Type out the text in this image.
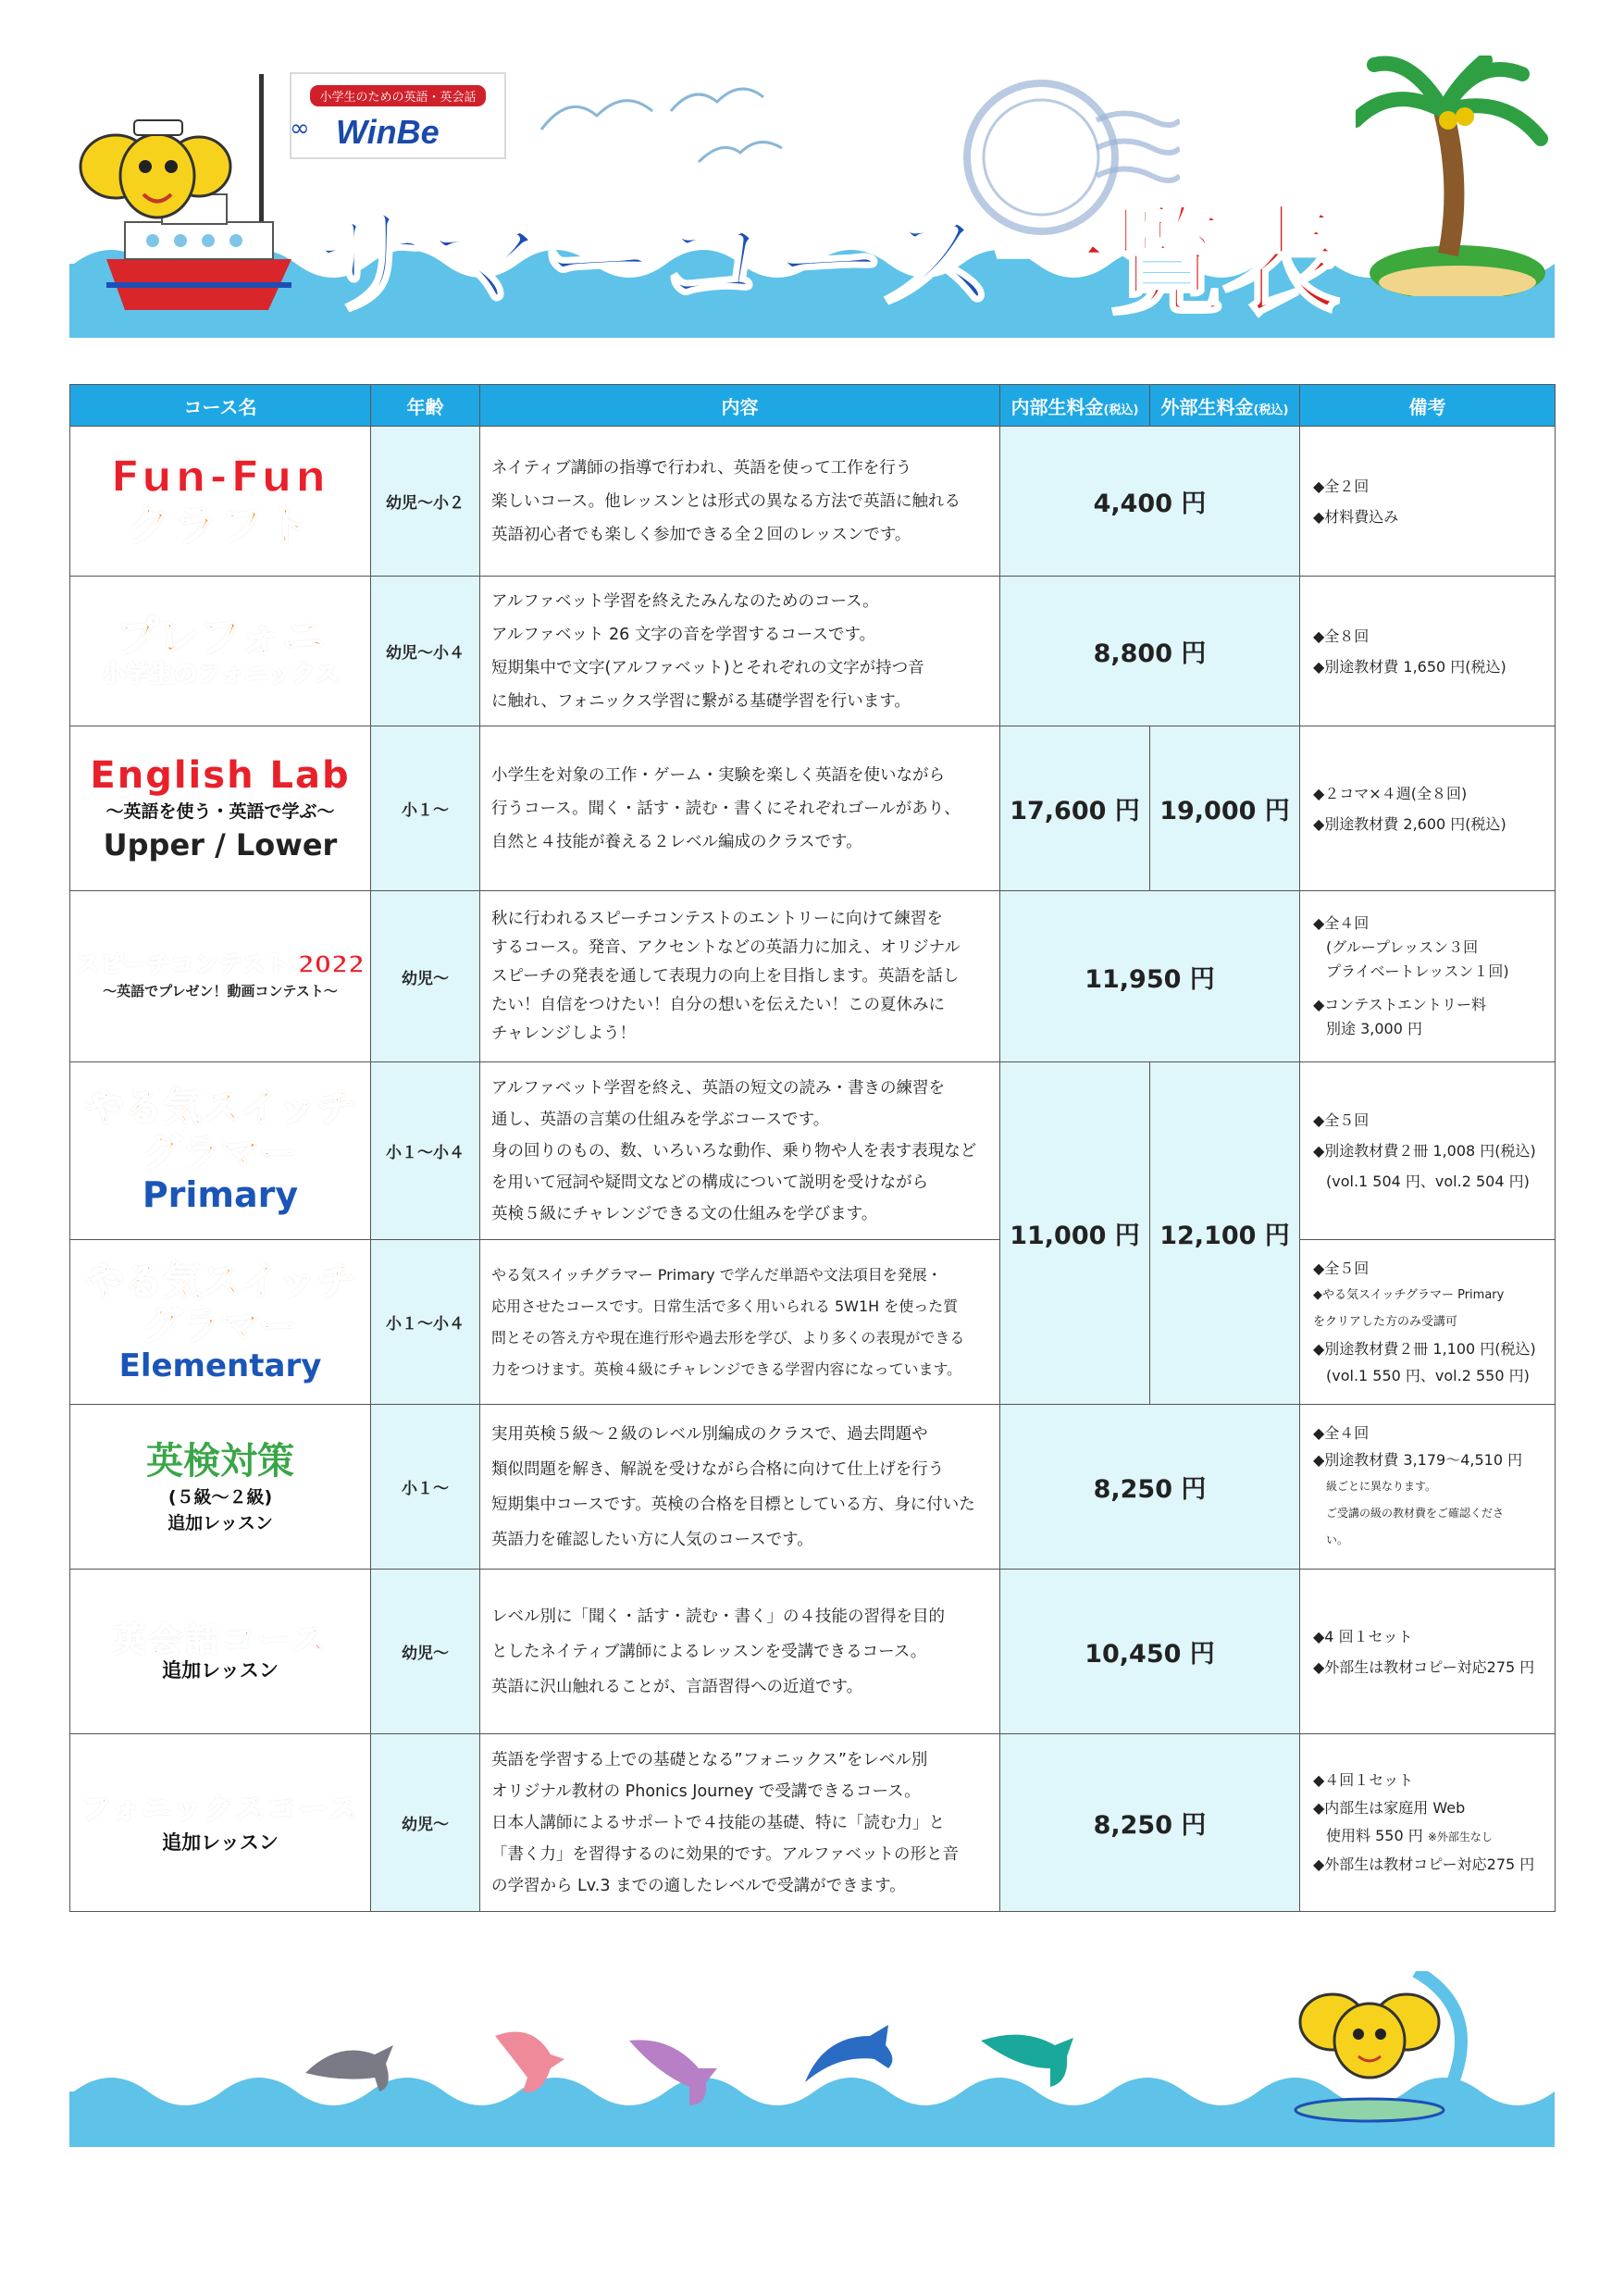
小学生のための英語・英会話
∞ WinBe
サマーコース一覧表
コース名	年齢	内容	内部生料金(税込)	外部生料金(税込)	備考

Fun-Fun
クラフト	幼児～小２	ネイティブ講師の指導で行われ、英語を使って工作を行う
楽しいコース。他レッスンとは形式の異なる方法で英語に触れる
英語初心者でも楽しく参加できる全２回のレッスンです。	4,400 円		◆全２回
◆材料費込み

プレフォニ
小学生のフォニックス	幼児～小４	アルファベット学習を終えたみんなのためのコース。
アルファベット 26 文字の音を学習するコースです。
短期集中で文字(アルファベット)とそれぞれの文字が持つ音
に触れ、フォニックス学習に繋がる基礎学習を行います。	8,800 円		◆全８回
◆別途教材費 1,650 円(税込)

English Lab
～英語を使う・英語で学ぶ～
Upper / Lower	小１～	小学生を対象の工作・ゲーム・実験を楽しく英語を使いながら
行うコース。聞く・話す・読む・書くにそれぞれゴールがあり、
自然と４技能が養える２レベル編成のクラスです。	17,600 円	19,000 円	◆２コマ×４週(全８回)
◆別途教材費 2,600 円(税込)

スピーチコンテスト 2022
～英語でプレゼン！動画コンテスト～	幼児～	秋に行われるスピーチコンテストのエントリーに向けて練習を
するコース。発音、アクセントなどの英語力に加え、オリジナル
スピーチの発表を通して表現力の向上を目指します。英語を話し
たい！自信をつけたい！自分の想いを伝えたい！この夏休みに
チャレンジしよう！	11,950 円		◆全４回
(グループレッスン３回
プライベートレッスン１回)
◆コンテストエントリー料
別途 3,000 円

やる気スイッチ
グラマー
Primary	小１～小４	アルファベット学習を終え、英語の短文の読み・書きの練習を
通し、英語の言葉の仕組みを学ぶコースです。
身の回りのもの、数、いろいろな動作、乗り物や人を表す表現など
を用いて冠詞や疑問文などの構成について説明を受けながら
英検５級にチャレンジできる文の仕組みを学びます。	11,000 円	12,100 円	◆全５回
◆別途教材費２冊 1,008 円(税込)
(vol.1 504 円、vol.2 504 円)

やる気スイッチ
グラマー
Elementary	小１～小４	やる気スイッチグラマー Primary で学んだ単語や文法項目を発展・
応用させたコースです。日常生活で多く用いられる 5W1H を使った質
問とその答え方や現在進行形や過去形を学び、より多くの表現ができる
力をつけます。英検４級にチャレンジできる学習内容になっています。			◆全５回
◆やる気スイッチグラマー Primary
をクリアした方のみ受講可
◆別途教材費２冊 1,100 円(税込)
(vol.1 550 円、vol.2 550 円)

英検対策
(５級～２級)
追加レッスン	小１～	実用英検５級～２級のレベル別編成のクラスで、過去問題や
類似問題を解き、解説を受けながら合格に向けて仕上げを行う
短期集中コースです。英検の合格を目標としている方、身に付いた
英語力を確認したい方に人気のコースです。	8,250 円		◆全４回
◆別途教材費 3,179～4,510 円
級ごとに異なります。
ご受講の級の教材費をご確認くださ
い。

英会話コース
追加レッスン	幼児～	レベル別に「聞く・話す・読む・書く」の４技能の習得を目的
としたネイティブ講師によるレッスンを受講できるコース。
英語に沢山触れることが、言語習得への近道です。	10,450 円		◆4 回１セット
◆外部生は教材コピー対応275 円

フォニックスコース
追加レッスン	幼児～	英語を学習する上での基礎となる”フォニックス”をレベル別
オリジナル教材の Phonics Journey で受講できるコース。
日本人講師によるサポートで４技能の基礎、特に「読む力」と
「書く力」を習得するのに効果的です。アルファベットの形と音
の学習から Lv.3 までの適したレベルで受講ができます。	8,250 円		◆４回１セット
◆内部生は家庭用 Web
使用料 550 円 ※外部生なし
◆外部生は教材コピー対応275 円
